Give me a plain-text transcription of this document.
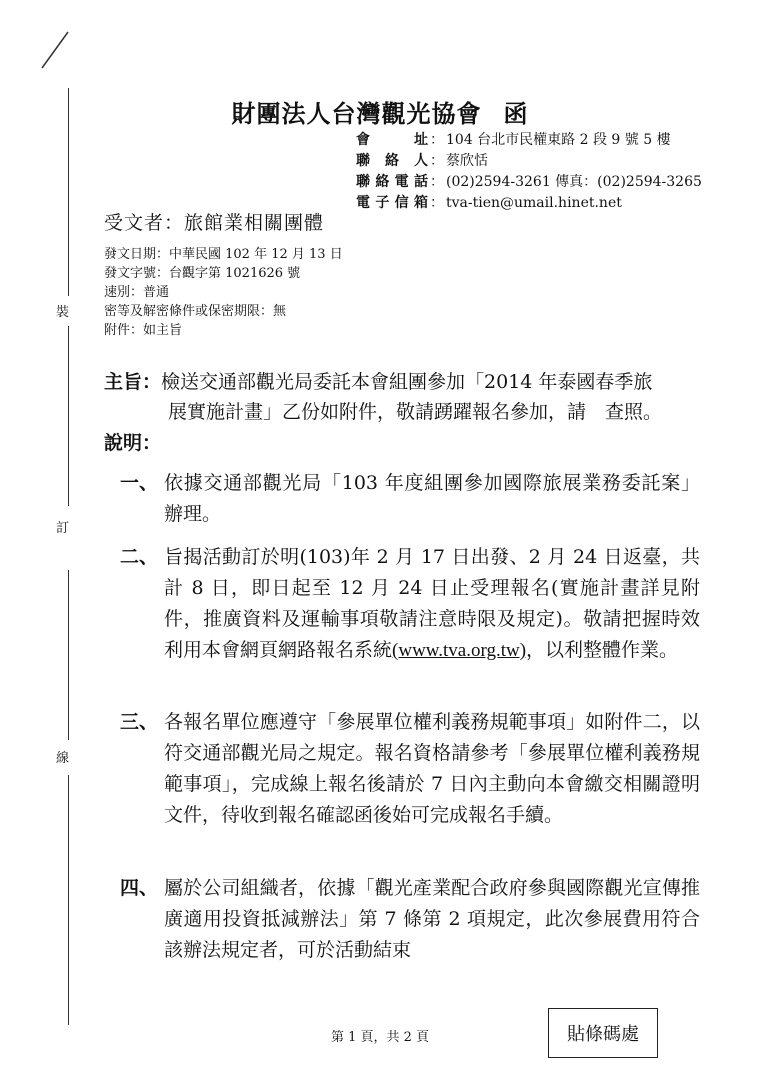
裝
訂
線
財團法人台灣觀光協會 函
會　　址 ： 104 台北市民權東路 2 段 9 號 5 樓
聯 絡 人 ： 蔡欣恬
聯絡電話 ： (02)2594-3261 傳真：(02)2594-3265
電子信箱 ： tva-tien@umail.hinet.net
受文者：旅館業相關團體
發文日期：中華民國 102 年 12 月 13 日
發文字號：台觀字第 1021626 號
速別：普通
密等及解密條件或保密期限：無
附件：如主旨
主旨：檢送交通部觀光局委託本會組團參加「2014 年泰國春季旅
展實施計畫」乙份如附件，敬請踴躍報名參加，請　查照。
說明：
一、 依據交通部觀光局「103 年度組團參加國際旅展業務委託案」辦理。
二、 旨揭活動訂於明(103)年 2 月 17 日出發、2 月 24 日返臺，共計 8 日，即日起至 12 月 24 日止受理報名(實施計畫詳見附件，推廣資料及運輸事項敬請注意時限及規定)。敬請把握時效利用本會網頁網路報名系統(www.tva.org.tw)，以利整體作業。
三、 各報名單位應遵守「參展單位權利義務規範事項」如附件二，以符交通部觀光局之規定。報名資格請參考「參展單位權利義務規範事項」，完成線上報名後請於 7 日內主動向本會繳交相關證明文件，待收到報名確認函後始可完成報名手續。
四、 屬於公司組織者，依據「觀光產業配合政府參與國際觀光宣傳推廣適用投資抵減辦法」第 7 條第 2 項規定，此次參展費用符合該辦法規定者，可於活動結束
第 1 頁，共 2 頁	貼條碼處
